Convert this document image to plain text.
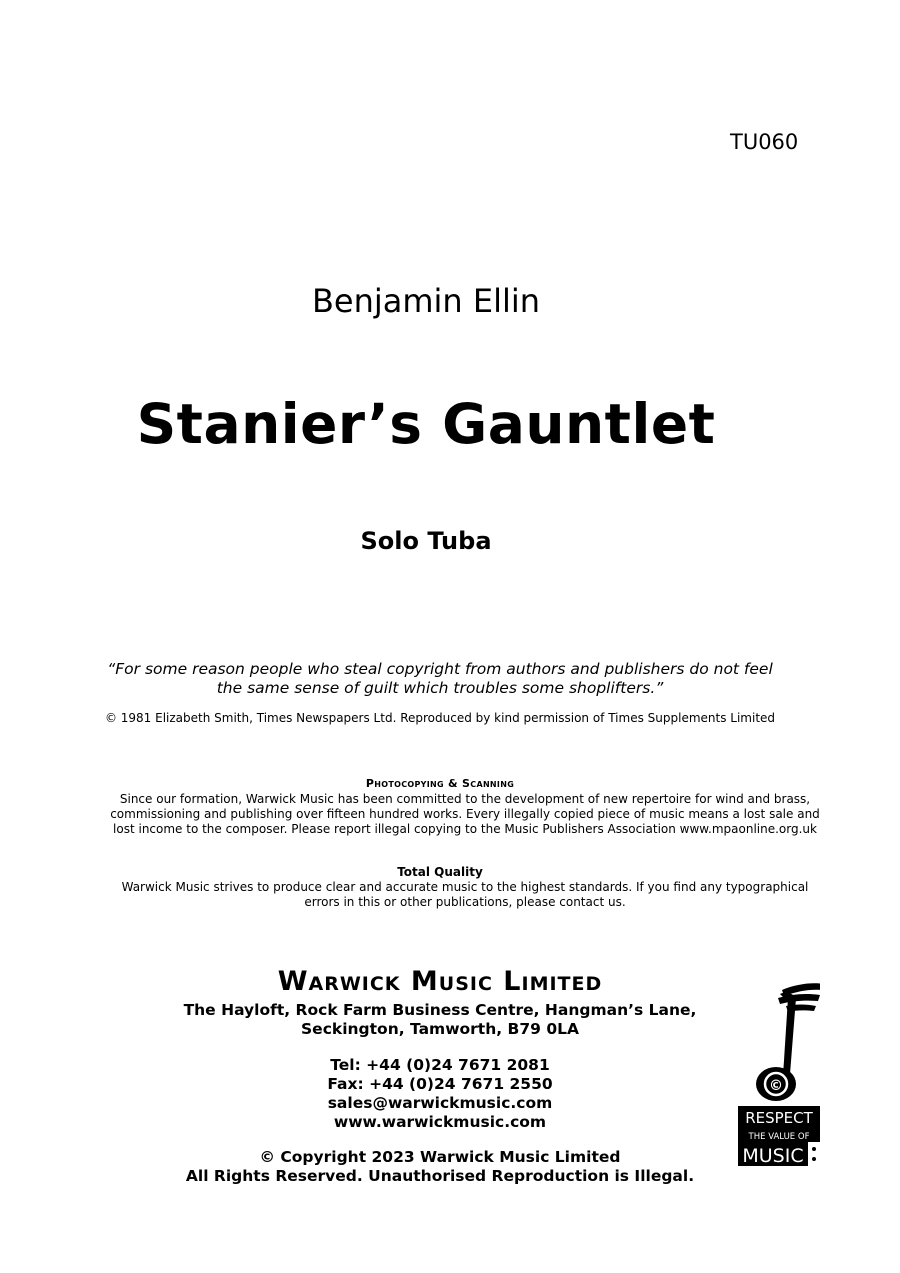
TU060
Benjamin Ellin
Stanier’s Gauntlet
Solo Tuba
“For some reason people who steal copyright from authors and publishers do not feel
the same sense of guilt which troubles some shoplifters.”
© 1981 Elizabeth Smith, Times Newspapers Ltd. Reproduced by kind permission of Times Supplements Limited
Photocopying & Scanning
Since our formation, Warwick Music has been committed to the development of new repertoire for wind and brass,
commissioning and publishing over fifteen hundred works. Every illegally copied piece of music means a lost sale and
lost income to the composer. Please report illegal copying to the Music Publishers Association www.mpaonline.org.uk
Total Quality
Warwick Music strives to produce clear and accurate music to the highest standards. If you find any typographical
errors in this or other publications, please contact us.
Warwick Music Limited
The Hayloft, Rock Farm Business Centre, Hangman’s Lane,
Seckington, Tamworth, B79 0LA
Tel: +44 (0)24 7671 2081
Fax: +44 (0)24 7671 2550
sales@warwickmusic.com
www.warwickmusic.com
© Copyright 2023 Warwick Music Limited
All Rights Reserved. Unauthorised Reproduction is Illegal.
©
RESPECT
THE VALUE OF
MUSIC
